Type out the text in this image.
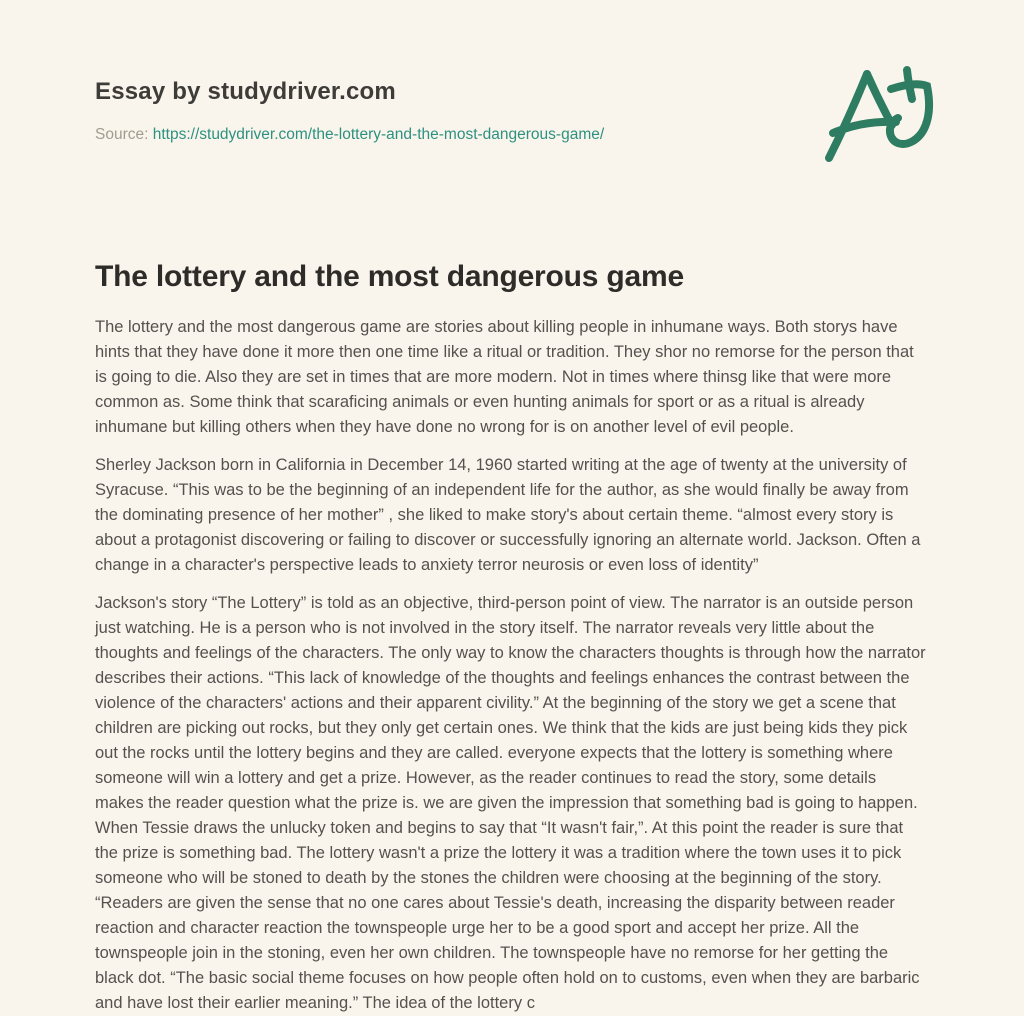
Essay by studydriver.com

Source: https://studydriver.com/the-lottery-and-the-most-dangerous-game/

The lottery and the most dangerous game

The lottery and the most dangerous game are stories about killing people in inhumane ways. Both storys have hints that they have done it more then one time like a ritual or tradition. They shor no remorse for the person that is going to die. Also they are set in times that are more modern. Not in times where thinsg like that were more common as. Some think that scaraficing animals or even hunting animals for sport or as a ritual is already inhumane but killing others when they have done no wrong for is on another level of evil people.

Sherley Jackson born in California in December 14, 1960 started writing at the age of twenty at the university of Syracuse. “This was to be the beginning of an independent life for the author, as she would finally be away from the dominating presence of her mother” , she liked to make story's about certain theme. “almost every story is about a protagonist discovering or failing to discover or successfully ignoring an alternate world. Jackson. Often a change in a character's perspective leads to anxiety terror neurosis or even loss of identity”

Jackson's story “The Lottery” is told as an objective, third-person point of view. The narrator is an outside person just watching. He is a person who is not involved in the story itself. The narrator reveals very little about the thoughts and feelings of the characters. The only way to know the characters thoughts is through how the narrator describes their actions. “This lack of knowledge of the thoughts and feelings enhances the contrast between the violence of the characters' actions and their apparent civility.” At the beginning of the story we get a scene that children are picking out rocks, but they only get certain ones. We think that the kids are just being kids they pick out the rocks until the lottery begins and they are called. everyone expects that the lottery is something where someone will win a lottery and get a prize. However, as the reader continues to read the story, some details makes the reader question what the prize is. we are given the impression that something bad is going to happen. When Tessie draws the unlucky token and begins to say that “It wasn't fair,”. At this point the reader is sure that the prize is something bad. The lottery wasn't a prize the lottery it was a tradition where the town uses it to pick someone who will be stoned to death by the stones the children were choosing at the beginning of the story. “Readers are given the sense that no one cares about Tessie's death, increasing the disparity between reader reaction and character reaction the townspeople urge her to be a good sport and accept her prize. All the townspeople join in the stoning, even her own children. The townspeople have no remorse for her getting the black dot. “The basic social theme focuses on how people often hold on to customs, even when they are barbaric and have lost their earlier meaning.” The idea of the lottery c
